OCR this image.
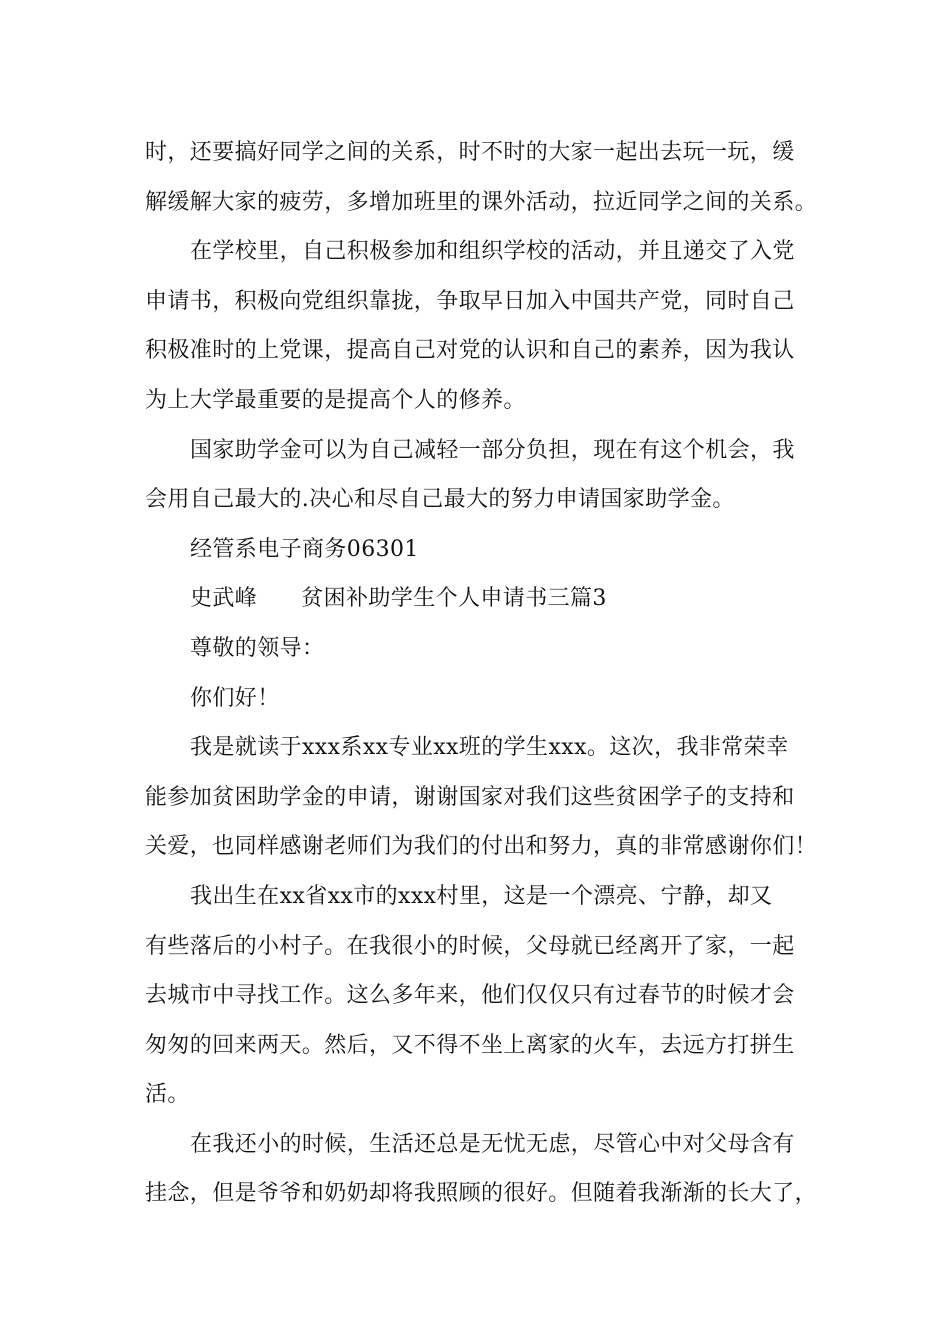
时，还要搞好同学之间的关系，时不时的大家一起出去玩一玩，缓
解缓解大家的疲劳，多增加班里的课外活动，拉近同学之间的关系。
在学校里，自己积极参加和组织学校的活动，并且递交了入党
申请书，积极向党组织靠拢，争取早日加入中国共产党，同时自己
积极准时的上党课，提高自己对党的认识和自己的素养，因为我认
为上大学最重要的是提高个人的修养。
国家助学金可以为自己减轻一部分负担，现在有这个机会，我
会用自己最大的.决心和尽自己最大的努力申请国家助学金。
经管系电子商务06301
史武峰 贫困补助学生个人申请书三篇3
尊敬的领导：
你们好！
我是就读于xxx系xx专业xx班的学生xxx。这次，我非常荣幸
能参加贫困助学金的申请，谢谢国家对我们这些贫困学子的支持和
关爱，也同样感谢老师们为我们的付出和努力，真的非常感谢你们！
我出生在xx省xx市的xxx村里，这是一个漂亮、宁静，却又
有些落后的小村子。在我很小的时候，父母就已经离开了家，一起
去城市中寻找工作。这么多年来，他们仅仅只有过春节的时候才会
匆匆的回来两天。然后，又不得不坐上离家的火车，去远方打拼生
活。
在我还小的时候，生活还总是无忧无虑，尽管心中对父母含有
挂念，但是爷爷和奶奶却将我照顾的很好。但随着我渐渐的长大了，
